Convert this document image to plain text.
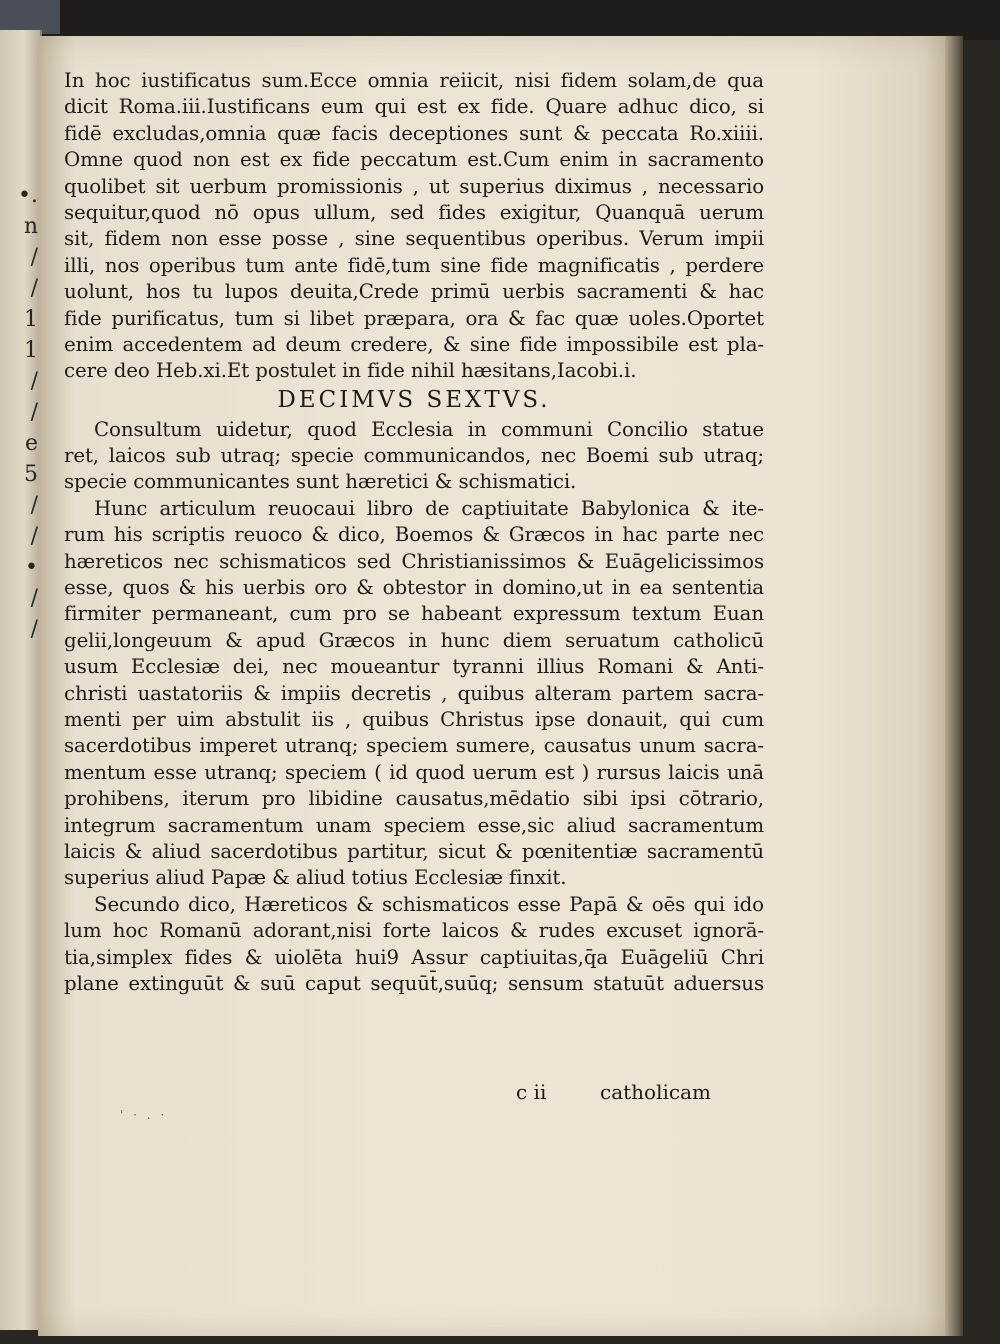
•.
n
/
/
1
1
/
/
e
5
/
/
•
/
/
In hoc iustificatus sum.Ecce omnia reiicit, nisi fidem solam,de qua
dicit Roma.iii.Iustificans eum qui est ex fide. Quare adhuc dico, si
fidē excludas,omnia quæ facis deceptiones sunt & peccata Ro.xiiii.
Omne quod non est ex fide peccatum est.Cum enim in sacramento
quolibet sit uerbum promissionis , ut superius diximus , necessario
sequitur,quod nō opus ullum, sed fides exigitur, Quanquā uerum
sit, fidem non esse posse , sine sequentibus operibus. Verum impii
illi, nos operibus tum ante fidē,tum sine fide magnificatis , perdere
uolunt, hos tu lupos deuita,Crede primū uerbis sacramenti & hac
fide purificatus, tum si libet præpara, ora & fac quæ uoles.Oportet
enim accedentem ad deum credere, & sine fide impossibile est pla-
cere deo Heb.xi.Et postulet in fide nihil hæsitans,Iacobi.i.
DECIMVS SEXTVS.
Consultum uidetur, quod Ecclesia in communi Concilio statue
ret, laicos sub utraq; specie communicandos, nec Boemi sub utraq;
specie communicantes sunt hæretici & schismatici.
Hunc articulum reuocaui libro de captiuitate Babylonica & ite-
rum his scriptis reuoco & dico, Boemos & Græcos in hac parte nec
hæreticos nec schismaticos sed Christianissimos & Euāgelicissimos
esse, quos & his uerbis oro & obtestor in domino,ut in ea sententia
firmiter permaneant, cum pro se habeant expressum textum Euan
gelii,longeuum & apud Græcos in hunc diem seruatum catholicū
usum Ecclesiæ dei, nec moueantur tyranni illius Romani & Anti-
christi uastatoriis & impiis decretis , quibus alteram partem sacra-
menti per uim abstulit iis , quibus Christus ipse donauit, qui cum
sacerdotibus imperet utranq; speciem sumere, causatus unum sacra-
mentum esse utranq; speciem ( id quod uerum est ) rursus laicis unā
prohibens, iterum pro libidine causatus,mēdatio sibi ipsi cōtrario,
integrum sacramentum unam speciem esse,sic aliud sacramentum
laicis & aliud sacerdotibus partitur, sicut & pœnitentiæ sacramentū
superius aliud Papæ & aliud totius Ecclesiæ finxit.
Secundo dico, Hæreticos & schismaticos esse Papā & oēs qui ido
lum hoc Romanū adorant,nisi forte laicos & rudes excuset ignorā-
tia,simplex fides & uiolēta hui9 Assur captiuitas,q̄a Euāgeliū Chri
plane extinguūt & suū caput sequūt̄,suūq; sensum statuūt aduersus
c ii	catholicam
' · . ·
